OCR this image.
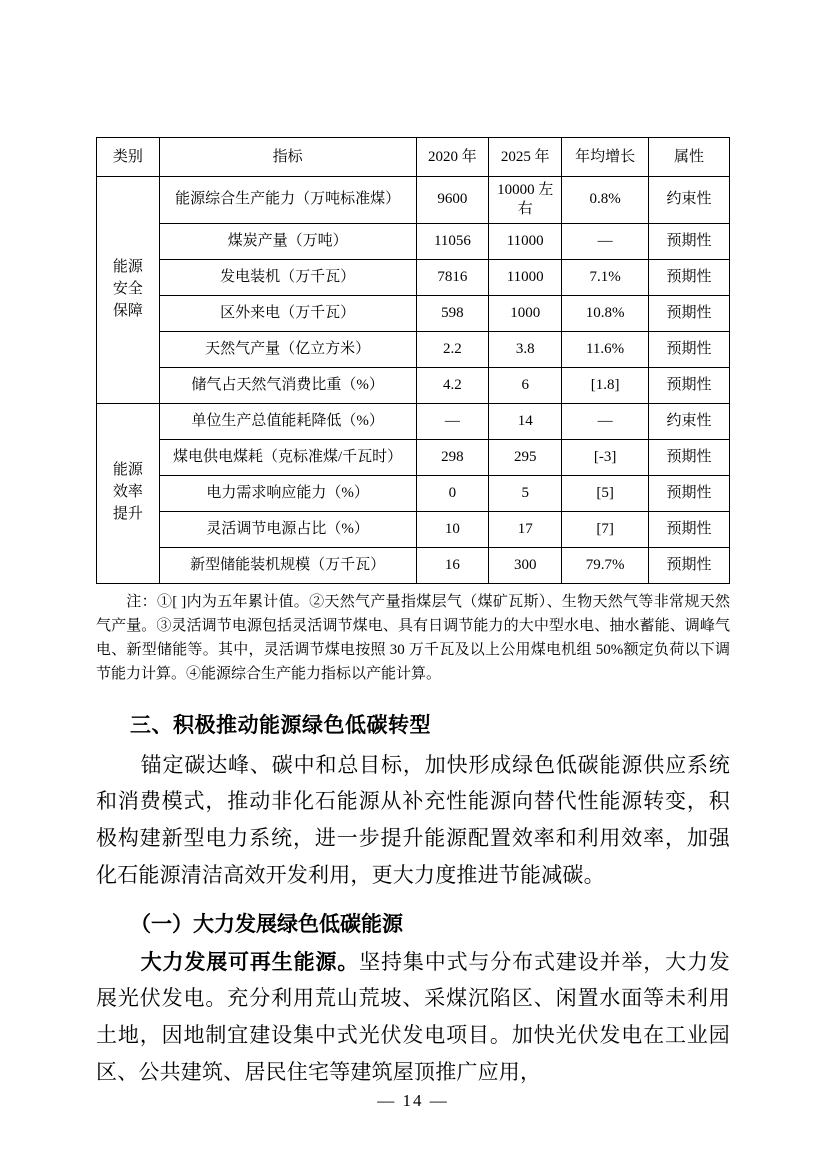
类别	指标	2020 年	2025 年	年均增长	属性
能源
安全
保障	能源综合生产能力（万吨标准煤）	9600	10000 左右	0.8%	约束性
	煤炭产量（万吨）	11056	11000	—	预期性
	发电装机（万千瓦）	7816	11000	7.1%	预期性
	区外来电（万千瓦）	598	1000	10.8%	预期性
	天然气产量（亿立方米）	2.2	3.8	11.6%	预期性
	储气占天然气消费比重（%）	4.2	6	[1.8]	预期性
能源
效率
提升	单位生产总值能耗降低（%）	—	14	—	约束性
	煤电供电煤耗（克标准煤/千瓦时）	298	295	[-3]	预期性
	电力需求响应能力（%）	0	5	[5]	预期性
	灵活调节电源占比（%）	10	17	[7]	预期性
	新型储能装机规模（万千瓦）	16	300	79.7%	预期性
注：①[ ]内为五年累计值。②天然气产量指煤层气（煤矿瓦斯）、生物天然气等非常规天然气产量。③灵活调节电源包括灵活调节煤电、具有日调节能力的大中型水电、抽水蓄能、调峰气电、新型储能等。其中，灵活调节煤电按照 30 万千瓦及以上公用煤电机组 50%额定负荷以下调节能力计算。④能源综合生产能力指标以产能计算。
三、积极推动能源绿色低碳转型

锚定碳达峰、碳中和总目标，加快形成绿色低碳能源供应系统和消费模式，推动非化石能源从补充性能源向替代性能源转变，积极构建新型电力系统，进一步提升能源配置效率和利用效率，加强化石能源清洁高效开发利用，更大力度推进节能减碳。

（一）大力发展绿色低碳能源

大力发展可再生能源。坚持集中式与分布式建设并举，大力发展光伏发电。充分利用荒山荒坡、采煤沉陷区、闲置水面等未利用土地，因地制宜建设集中式光伏发电项目。加快光伏发电在工业园区、公共建筑、居民住宅等建筑屋顶推广应用，

— 14 —
